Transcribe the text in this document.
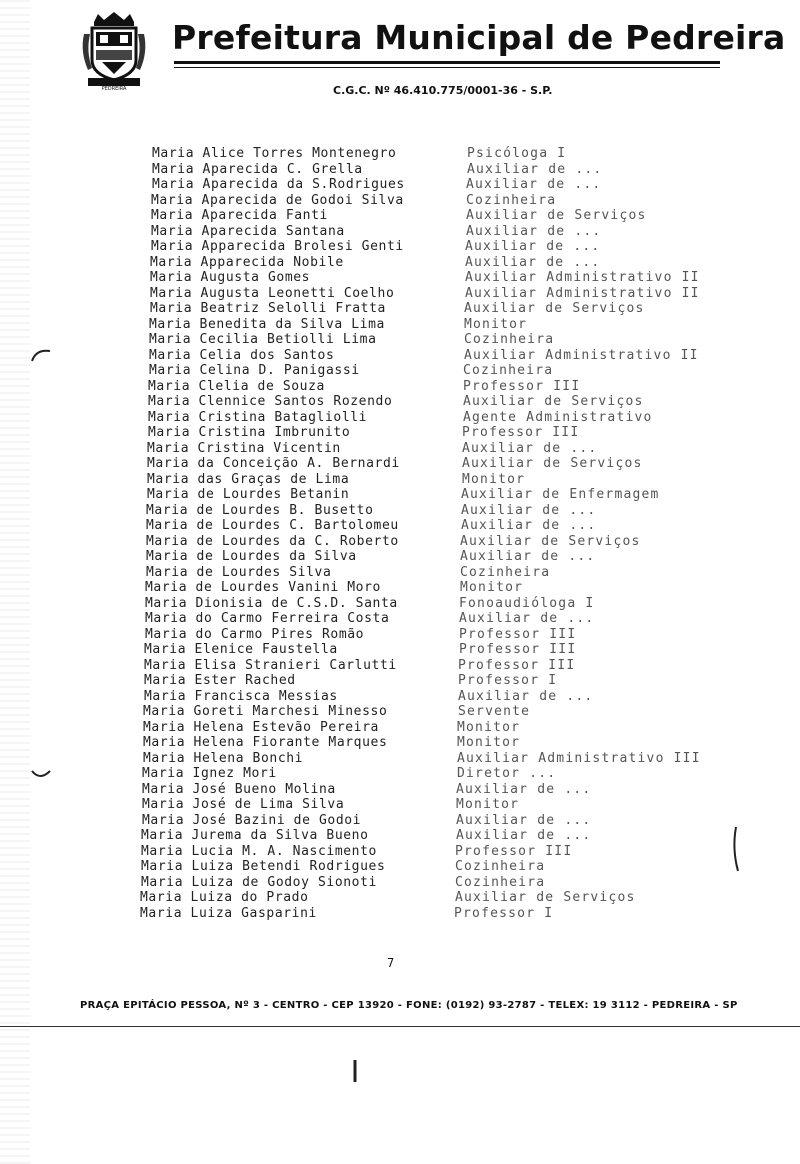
PEDREIRA
Prefeitura Municipal de Pedreira
C.G.C. Nº 46.410.775/0001-36 - S.P.
Maria Alice Torres Montenegro	Psicóloga I
Maria Aparecida C. Grella	Auxiliar de ...
Maria Aparecida da S.Rodrigues	Auxiliar de ...
Maria Aparecida de Godoi Silva	Cozinheira
Maria Aparecida Fanti	Auxiliar de Serviços
Maria Aparecida Santana	Auxiliar de ...
Maria Apparecida Brolesi Genti	Auxiliar de ...
Maria Apparecida Nobile	Auxiliar de ...
Maria Augusta Gomes	Auxiliar Administrativo II
Maria Augusta Leonetti Coelho	Auxiliar Administrativo II
Maria Beatriz Selolli Fratta	Auxiliar de Serviços
Maria Benedita da Silva Lima	Monitor
Maria Cecilia Betiolli Lima	Cozinheira
Maria Celia dos Santos	Auxiliar Administrativo II
Maria Celina D. Panigassi	Cozinheira
Maria Clelia de Souza	Professor III
Maria Clennice Santos Rozendo	Auxiliar de Serviços
Maria Cristina Batagliolli	Agente Administrativo
Maria Cristina Imbrunito	Professor III
Maria Cristina Vicentin	Auxiliar de ...
Maria da Conceição A. Bernardi	Auxiliar de Serviços
Maria das Graças de Lima	Monitor
Maria de Lourdes Betanin	Auxiliar de Enfermagem
Maria de Lourdes B. Busetto	Auxiliar de ...
Maria de Lourdes C. Bartolomeu	Auxiliar de ...
Maria de Lourdes da C. Roberto	Auxiliar de Serviços
Maria de Lourdes da Silva	Auxiliar de ...
Maria de Lourdes Silva	Cozinheira
Maria de Lourdes Vanini Moro	Monitor
Maria Dionisia de C.S.D. Santa	Fonoaudióloga I
Maria do Carmo Ferreira Costa	Auxiliar de ...
Maria do Carmo Pires Romão	Professor III
Maria Elenice Faustella	Professor III
Maria Elisa Stranieri Carlutti	Professor III
Maria Ester Rached	Professor I
Maria Francisca Messias	Auxiliar de ...
Maria Goreti Marchesi Minesso	Servente
Maria Helena Estevão Pereira	Monitor
Maria Helena Fiorante Marques	Monitor
Maria Helena Bonchi	Auxiliar Administrativo III
Maria Ignez Mori	Diretor ...
Maria José Bueno Molina	Auxiliar de ...
Maria José de Lima Silva	Monitor
Maria José Bazini de Godoi	Auxiliar de ...
Maria Jurema da Silva Bueno	Auxiliar de ...
Maria Lucia M. A. Nascimento	Professor III
Maria Luiza Betendi Rodrigues	Cozinheira
Maria Luiza de Godoy Sionoti	Cozinheira
Maria Luiza do Prado	Auxiliar de Serviços
Maria Luiza Gasparini	Professor I
7
PRAÇA EPITÁCIO PESSOA, Nº 3 - CENTRO - CEP 13920 - FONE: (0192) 93-2787 - TELEX: 19 3112 - PEDREIRA - SP
